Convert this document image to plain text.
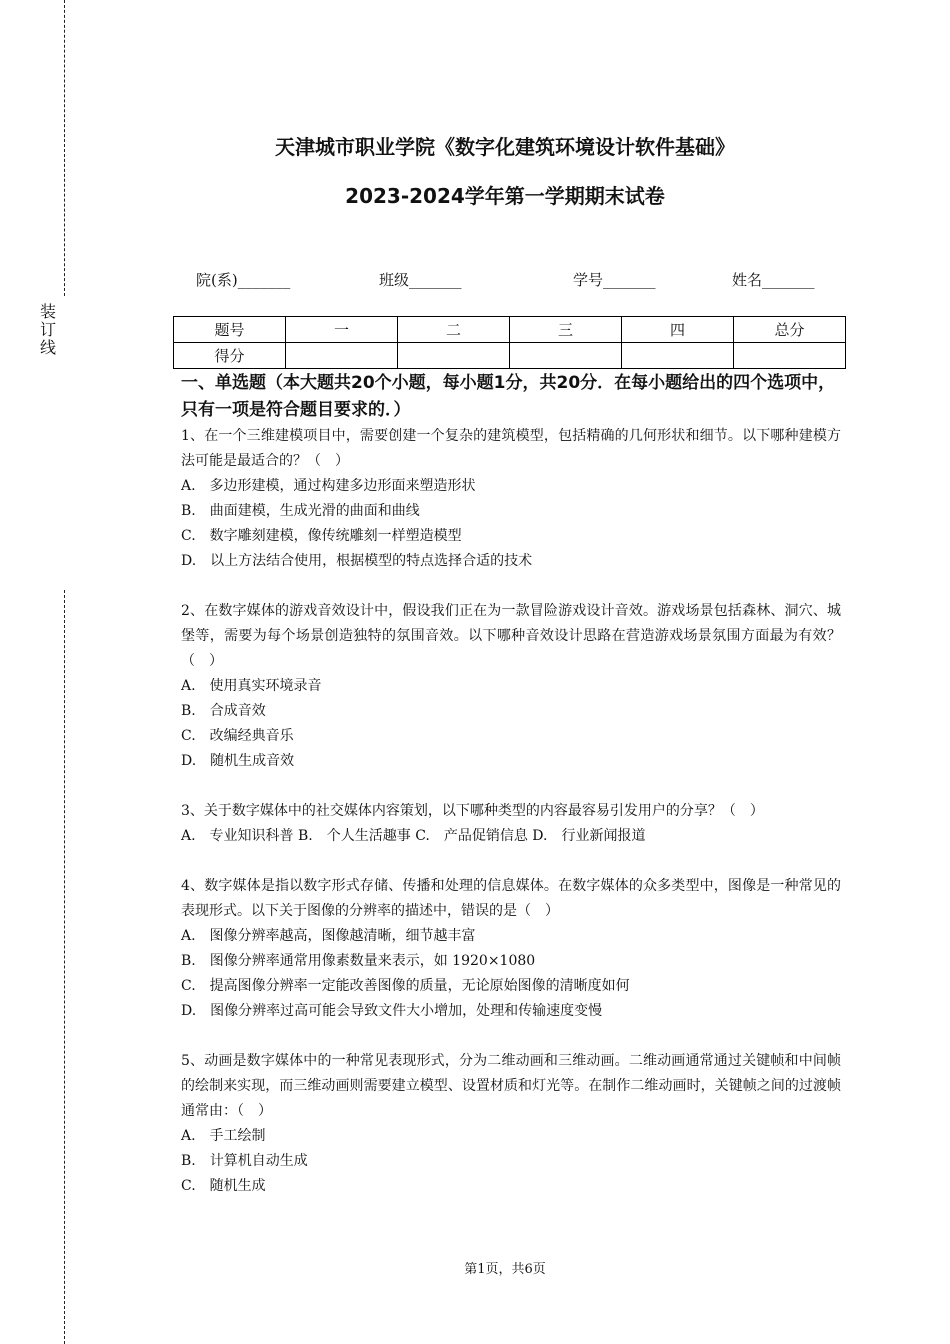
装订线
天津城市职业学院《数字化建筑环境设计软件基础》
2023-2024学年第一学期期末试卷
院(系)_______	班级_______	学号_______	姓名_______
题号	一	二	三	四	总分
得分					
一、单选题（本大题共20个小题，每小题1分，共20分．在每小题给出的四个选项中，只有一项是符合题目要求的．）
1、在一个三维建模项目中，需要创建一个复杂的建筑模型，包括精确的几何形状和细节。以下哪种建模方法可能是最适合的？（　）
A.　多边形建模，通过构建多边形面来塑造形状
B.　曲面建模，生成光滑的曲面和曲线
C.　数字雕刻建模，像传统雕刻一样塑造模型
D.　以上方法结合使用，根据模型的特点选择合适的技术
2、在数字媒体的游戏音效设计中，假设我们正在为一款冒险游戏设计音效。游戏场景包括森林、洞穴、城堡等，需要为每个场景创造独特的氛围音效。以下哪种音效设计思路在营造游戏场景氛围方面最为有效？（　）
A.　使用真实环境录音
B.　合成音效
C.　改编经典音乐
D.　随机生成音效
3、关于数字媒体中的社交媒体内容策划，以下哪种类型的内容最容易引发用户的分享？（　）
A.　专业知识科普 B.　个人生活趣事 C.　产品促销信息 D.　行业新闻报道
4、数字媒体是指以数字形式存储、传播和处理的信息媒体。在数字媒体的众多类型中，图像是一种常见的表现形式。以下关于图像的分辨率的描述中，错误的是（　）
A.　图像分辨率越高，图像越清晰，细节越丰富
B.　图像分辨率通常用像素数量来表示，如 1920×1080
C.　提高图像分辨率一定能改善图像的质量，无论原始图像的清晰度如何
D.　图像分辨率过高可能会导致文件大小增加，处理和传输速度变慢
5、动画是数字媒体中的一种常见表现形式，分为二维动画和三维动画。二维动画通常通过关键帧和中间帧的绘制来实现，而三维动画则需要建立模型、设置材质和灯光等。在制作二维动画时，关键帧之间的过渡帧通常由：（　）
A.　手工绘制
B.　计算机自动生成
C.　随机生成
第1页，共6页
